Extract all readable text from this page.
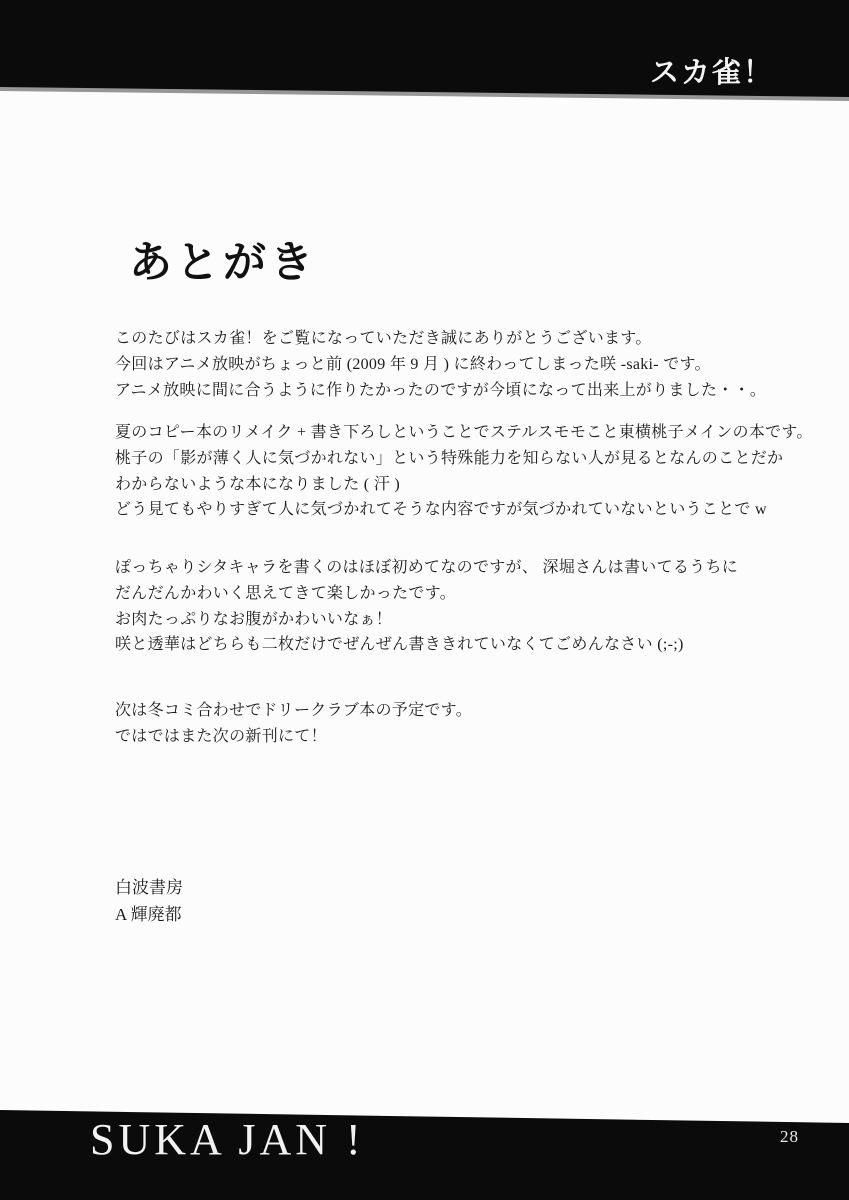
スカ雀！
あとがき
このたびはスカ雀！をご覧になっていただき誠にありがとうございます。
今回はアニメ放映がちょっと前 (2009 年 9 月 ) に終わってしまった咲 -saki- です。
アニメ放映に間に合うように作りたかったのですが今頃になって出来上がりました・・。
夏のコピー本のリメイク + 書き下ろしということでステルスモモこと東横桃子メインの本です。
桃子の「影が薄く人に気づかれない」という特殊能力を知らない人が見るとなんのことだか
わからないような本になりました ( 汗 )
どう見てもやりすぎて人に気づかれてそうな内容ですが気づかれていないということで w
ぽっちゃりシタキャラを書くのはほぼ初めてなのですが、 深堀さんは書いてるうちに
だんだんかわいく思えてきて楽しかったです。
お肉たっぷりなお腹がかわいいなぁ！
咲と透華はどちらも二枚だけでぜんぜん書ききれていなくてごめんなさい (;-;)
次は冬コミ合わせでドリークラブ本の予定です。
ではではまた次の新刊にて！
白波書房
A 輝廃都
SUKA JAN !	28
